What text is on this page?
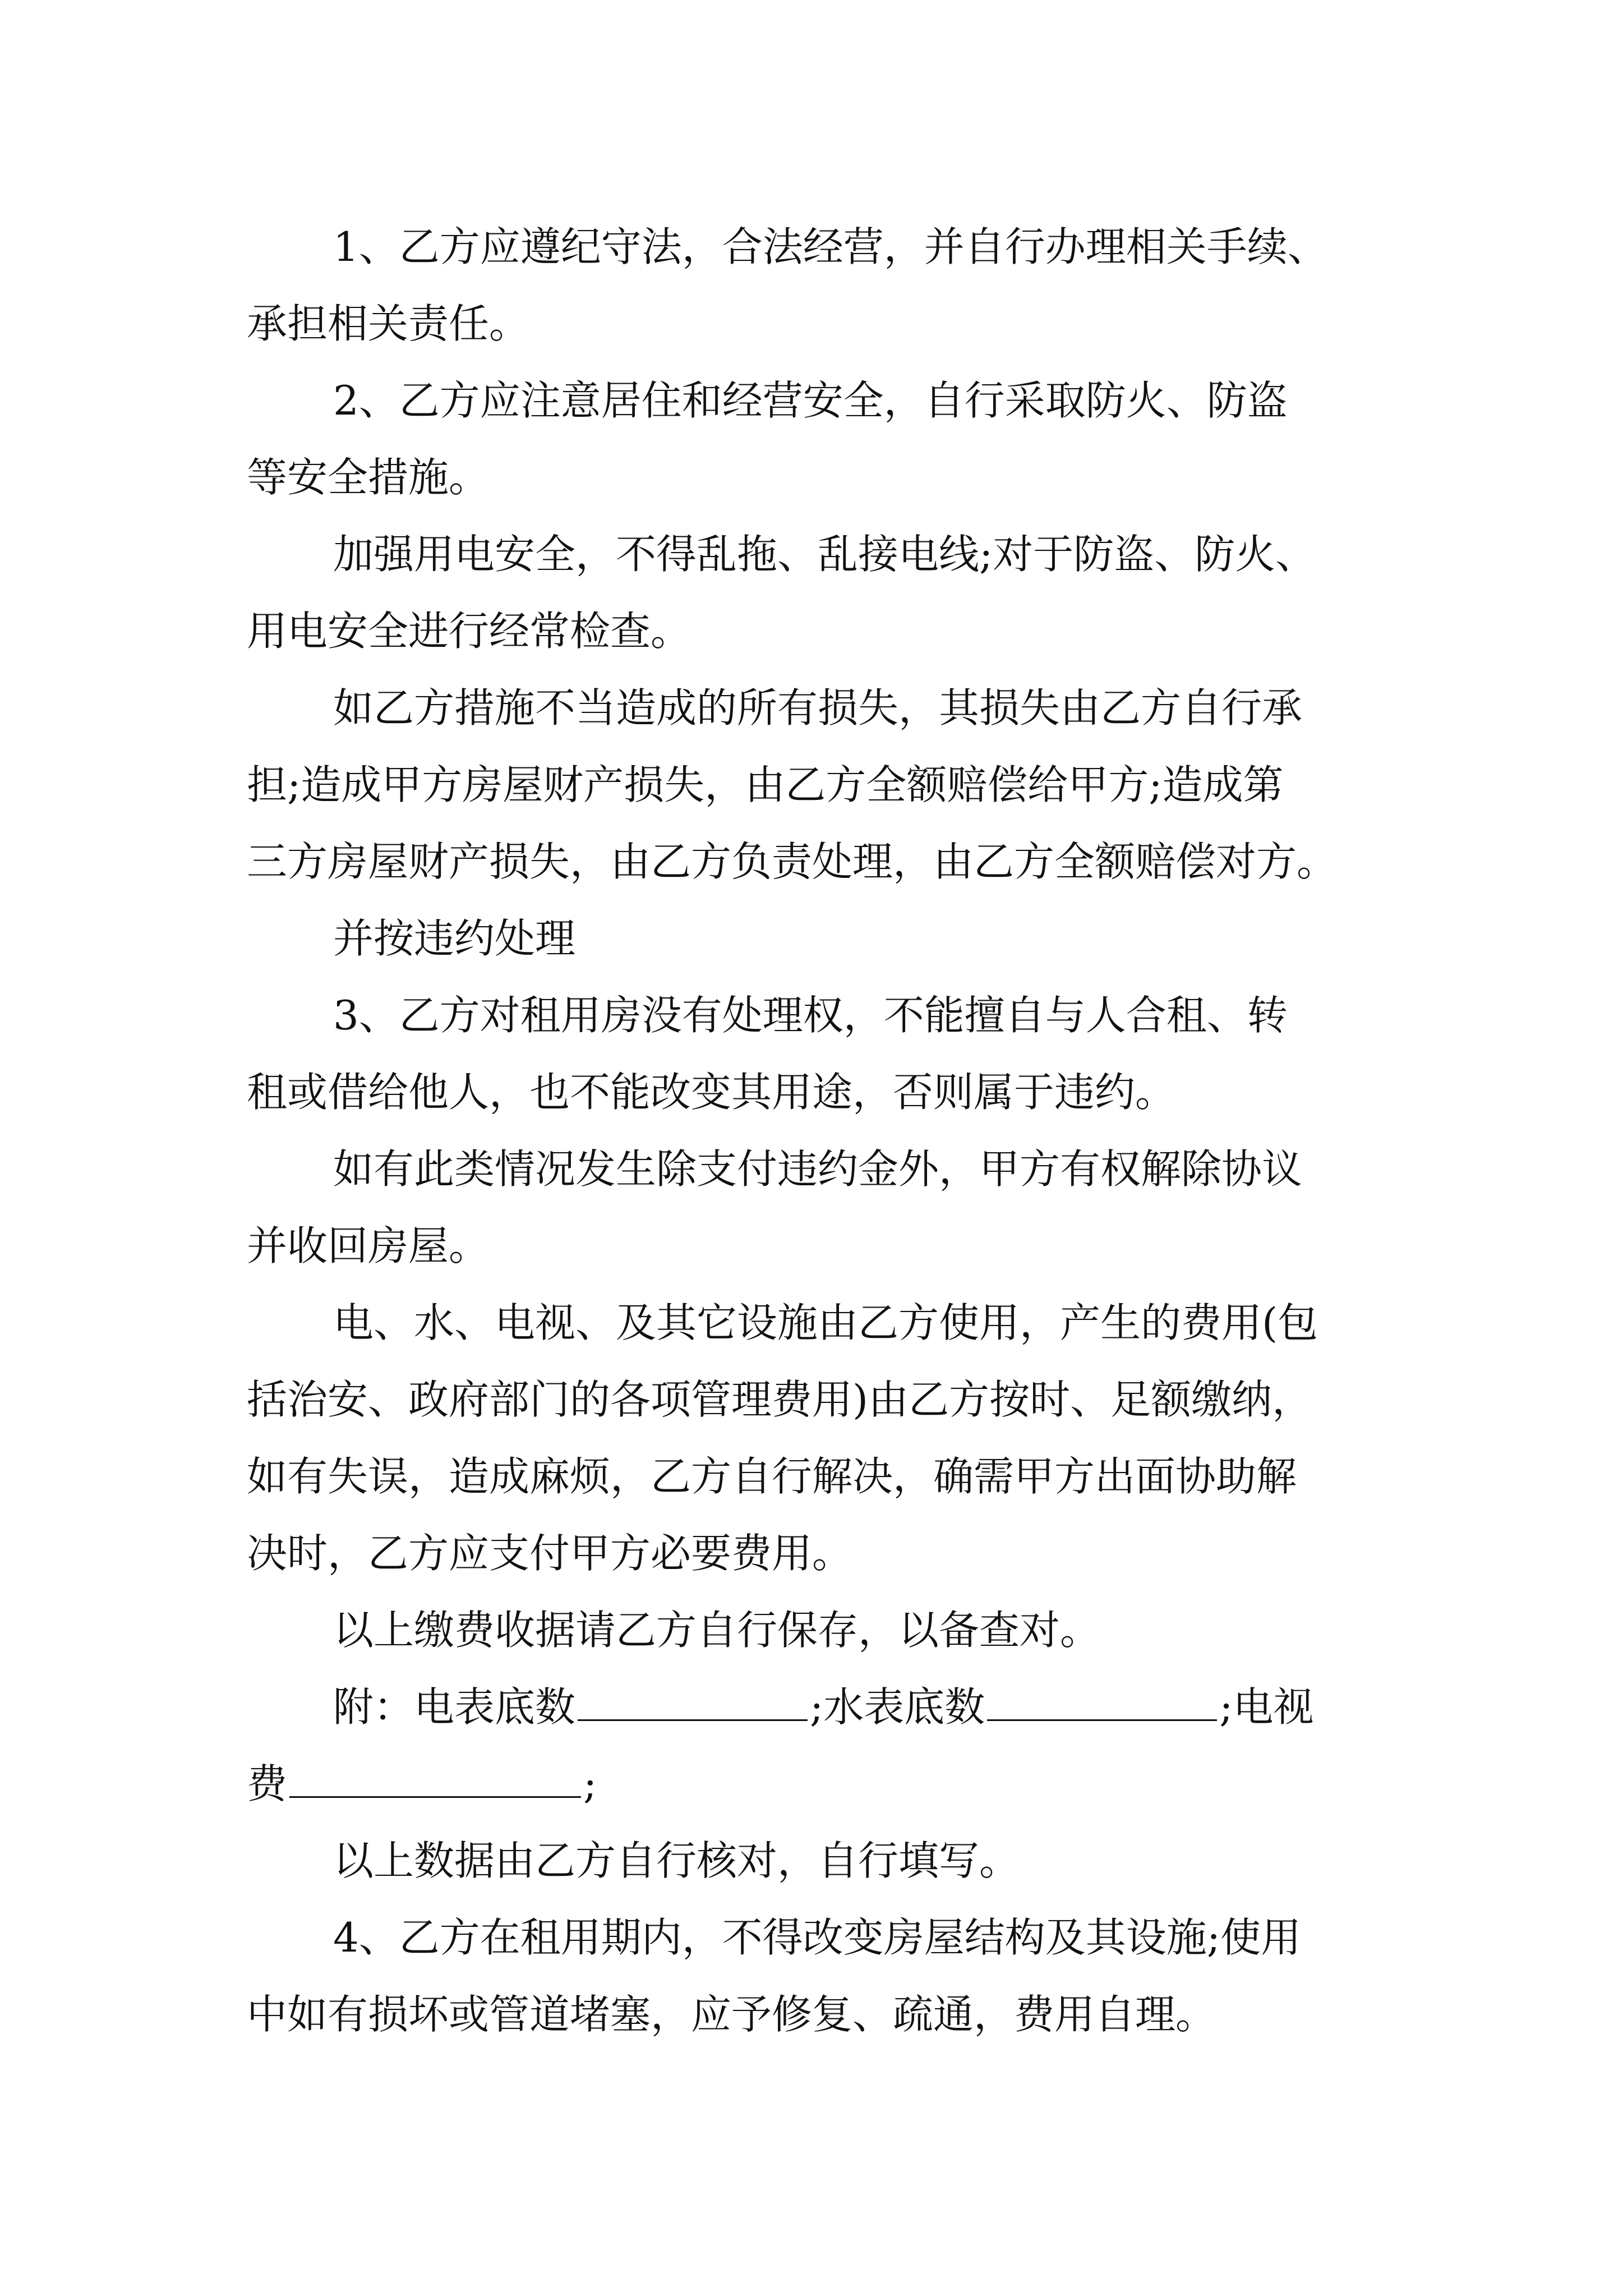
1、乙方应遵纪守法，合法经营，并自行办理相关手续、
承担相关责任。
2、乙方应注意居住和经营安全，自行采取防火、防盗
等安全措施。
加强用电安全，不得乱拖、乱接电线;对于防盗、防火、
用电安全进行经常检查。
如乙方措施不当造成的所有损失，其损失由乙方自行承
担;造成甲方房屋财产损失，由乙方全额赔偿给甲方;造成第
三方房屋财产损失，由乙方负责处理，由乙方全额赔偿对方。
并按违约处理
3、乙方对租用房没有处理权，不能擅自与人合租、转
租或借给他人，也不能改变其用途，否则属于违约。
如有此类情况发生除支付违约金外，甲方有权解除协议
并收回房屋。
电、水、电视、及其它设施由乙方使用，产生的费用(包
括治安、政府部门的各项管理费用)由乙方按时、足额缴纳，
如有失误，造成麻烦，乙方自行解决，确需甲方出面协助解
决时，乙方应支付甲方必要费用。
以上缴费收据请乙方自行保存，以备查对。
附：电表底数	;水表底数	;电视
费	;
以上数据由乙方自行核对，自行填写。
4、乙方在租用期内，不得改变房屋结构及其设施;使用
中如有损坏或管道堵塞，应予修复、疏通，费用自理。
